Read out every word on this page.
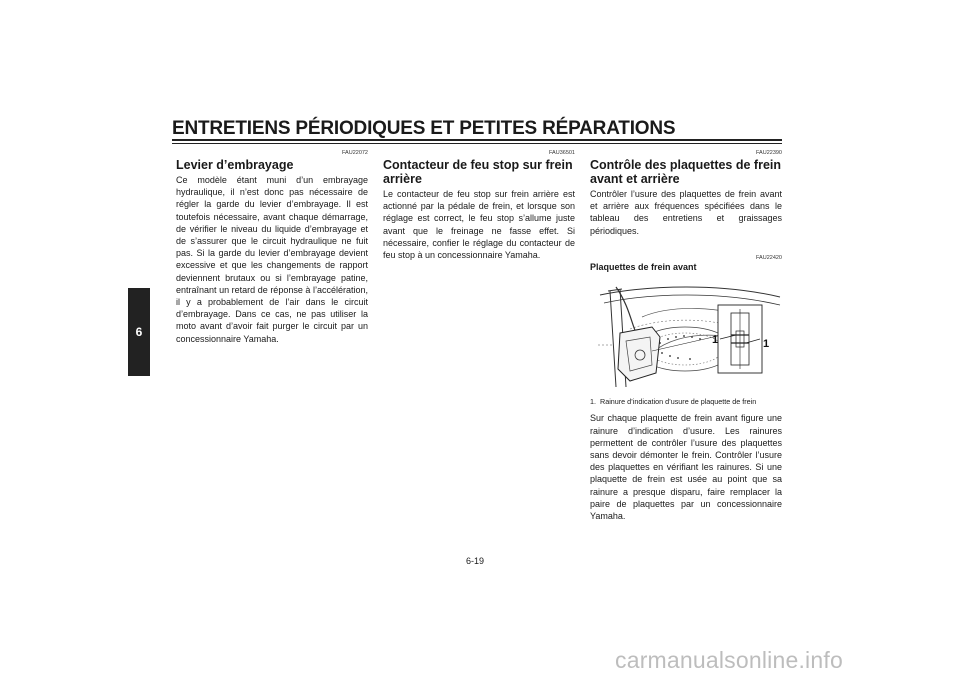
ENTRETIENS PÉRIODIQUES ET PETITES RÉPARATIONS
6
FAU22072
Levier d’embrayage

Ce modèle étant muni d’un embrayage hydraulique, il n’est donc pas nécessaire de régler la garde du levier d’embrayage. Il est toutefois nécessaire, avant chaque démarrage, de vérifier le niveau du liquide d’embrayage et de s’assurer que le circuit hydraulique ne fuit pas. Si la garde du levier d’embrayage devient excessive et que les changements de rapport deviennent brutaux ou si l’embrayage patine, entraînant un retard de réponse à l’accélération, il y a probablement de l’air dans le circuit d’embrayage. Dans ce cas, ne pas utiliser la moto avant d’avoir fait purger le circuit par un concessionnaire Yamaha.

FAU36501
Contacteur de feu stop sur frein arrière

Le contacteur de feu stop sur frein arrière est actionné par la pédale de frein, et lorsque son réglage est correct, le feu stop s’allume juste avant que le freinage ne fasse effet. Si nécessaire, confier le réglage du contacteur de feu stop à un concessionnaire Yamaha.

FAU22390
Contrôle des plaquettes de frein avant et arrière

Contrôler l’usure des plaquettes de frein avant et arrière aux fréquences spécifiées dans le tableau des entretiens et graissages périodiques.

FAU22420
Plaquettes de frein avant
1	1
1. Rainure d’indication d’usure de plaquette de frein

Sur chaque plaquette de frein avant figure une rainure d’indication d’usure. Les rainures permettent de contrôler l’usure des plaquettes sans devoir démonter le frein. Contrôler l’usure des plaquettes en vérifiant les rainures. Si une plaquette de frein est usée au point que sa rainure a presque disparu, faire remplacer la paire de plaquettes par un concessionnaire Yamaha.

6-19
carmanualsonline.info
